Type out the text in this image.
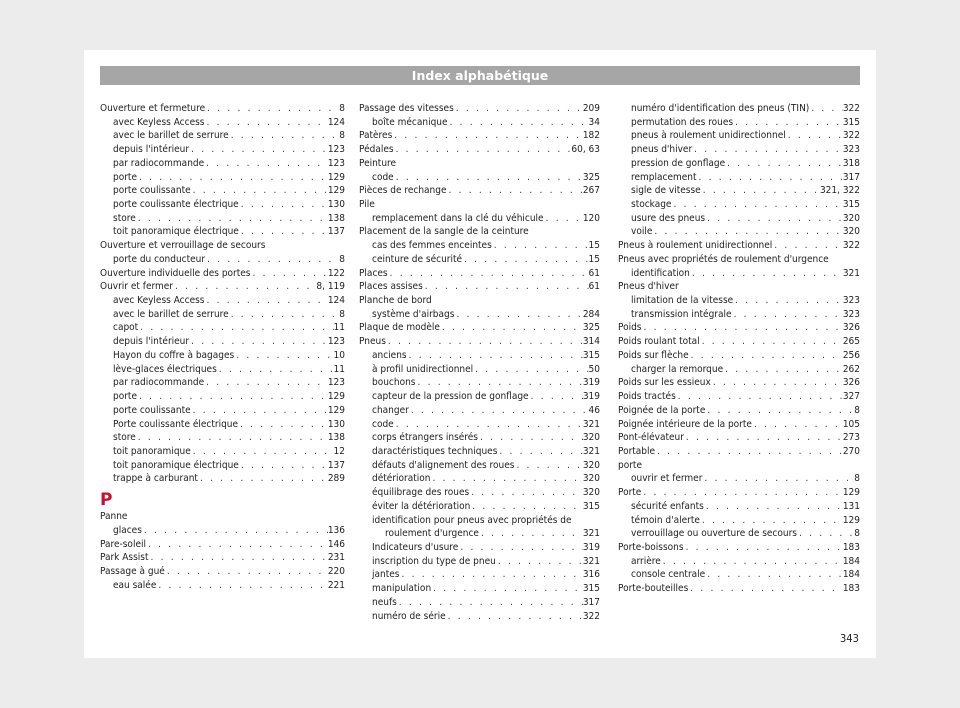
Index alphabétique
Ouverture et fermeture . . .	8
avec Keyless Access . . .	124
avec le barillet de serrure . . .	8
depuis l'intérieur . . .	123
par radiocommande . . .	123
porte . . .	129
porte coulissante . . .	129
porte coulissante électrique . . .	130
store . . .	138
toit panoramique électrique . . .	137
Ouverture et verrouillage de secours
porte du conducteur . . .	8
Ouverture individuelle des portes . . .	122
Ouvrir et fermer . . .	8, 119
avec Keyless Access . . .	124
avec le barillet de serrure . . .	8
capot . . .	11
depuis l'intérieur . . .	123
Hayon du coffre à bagages . . .	10
lève-glaces électriques . . .	11
par radiocommande . . .	123
porte . . .	129
porte coulissante . . .	129
Porte coulissante électrique . . .	130
store . . .	138
toit panoramique . . .	12
toit panoramique électrique . . .	137
trappe à carburant . . .	289
P
Panne
glaces . . .	136
Pare-soleil . . .	146
Park Assist . . .	231
Passage à gué . . .	220
eau salée . . .	221
Passage des vitesses . . .	209
boîte mécanique . . .	34
Patères . . .	182
Pédales . . .	60, 63
Peinture
code . . .	325
Pièces de rechange . . .	267
Pile
remplacement dans la clé du véhicule . . .	120
Placement de la sangle de la ceinture
cas des femmes enceintes . . .	15
ceinture de sécurité . . .	15
Places . . .	61
Places assises . . .	61
Planche de bord
système d'airbags . . .	284
Plaque de modèle . . .	325
Pneus . . .	314
anciens . . .	315
à profil unidirectionnel . . .	50
bouchons . . .	319
capteur de la pression de gonflage . . .	319
changer . . .	46
code . . .	321
corps étrangers insérés . . .	320
daractéristiques techniques . . .	321
défauts d'alignement des roues . . .	320
détérioration . . .	320
équilibrage des roues . . .	320
éviter la détérioration . . .	315
identification pour pneus avec propriétés de
roulement d'urgence . . .	321
Indicateurs d'usure . . .	319
inscription du type de pneu . . .	321
jantes . . .	316
manipulation . . .	315
neufs . . .	317
numéro de série . . .	322
numéro d'identification des pneus (TIN) . . .	322
permutation des roues . . .	315
pneus à roulement unidirectionnel . . .	322
pneus d'hiver . . .	323
pression de gonflage . . .	318
remplacement . . .	317
sigle de vitesse . . .	321, 322
stockage . . .	315
usure des pneus . . .	320
voile . . .	320
Pneus à roulement unidirectionnel . . .	322
Pneus avec propriétés de roulement d'urgence
identification . . .	321
Pneus d'hiver
limitation de la vitesse . . .	323
transmission intégrale . . .	323
Poids . . .	326
Poids roulant total . . .	265
Poids sur flèche . . .	256
charger la remorque . . .	262
Poids sur les essieux . . .	326
Poids tractés . . .	327
Poignée de la porte . . .	8
Poignée intérieure de la porte . . .	105
Pont-élévateur . . .	273
Portable . . .	270
porte
ouvrir et fermer . . .	8
Porte . . .	129
sécurité enfants . . .	131
témoin d'alerte . . .	129
verrouillage ou ouverture de secours . . .	8
Porte-boissons . . .	183
arrière . . .	184
console centrale . . .	184
Porte-bouteilles . . .	183
343
